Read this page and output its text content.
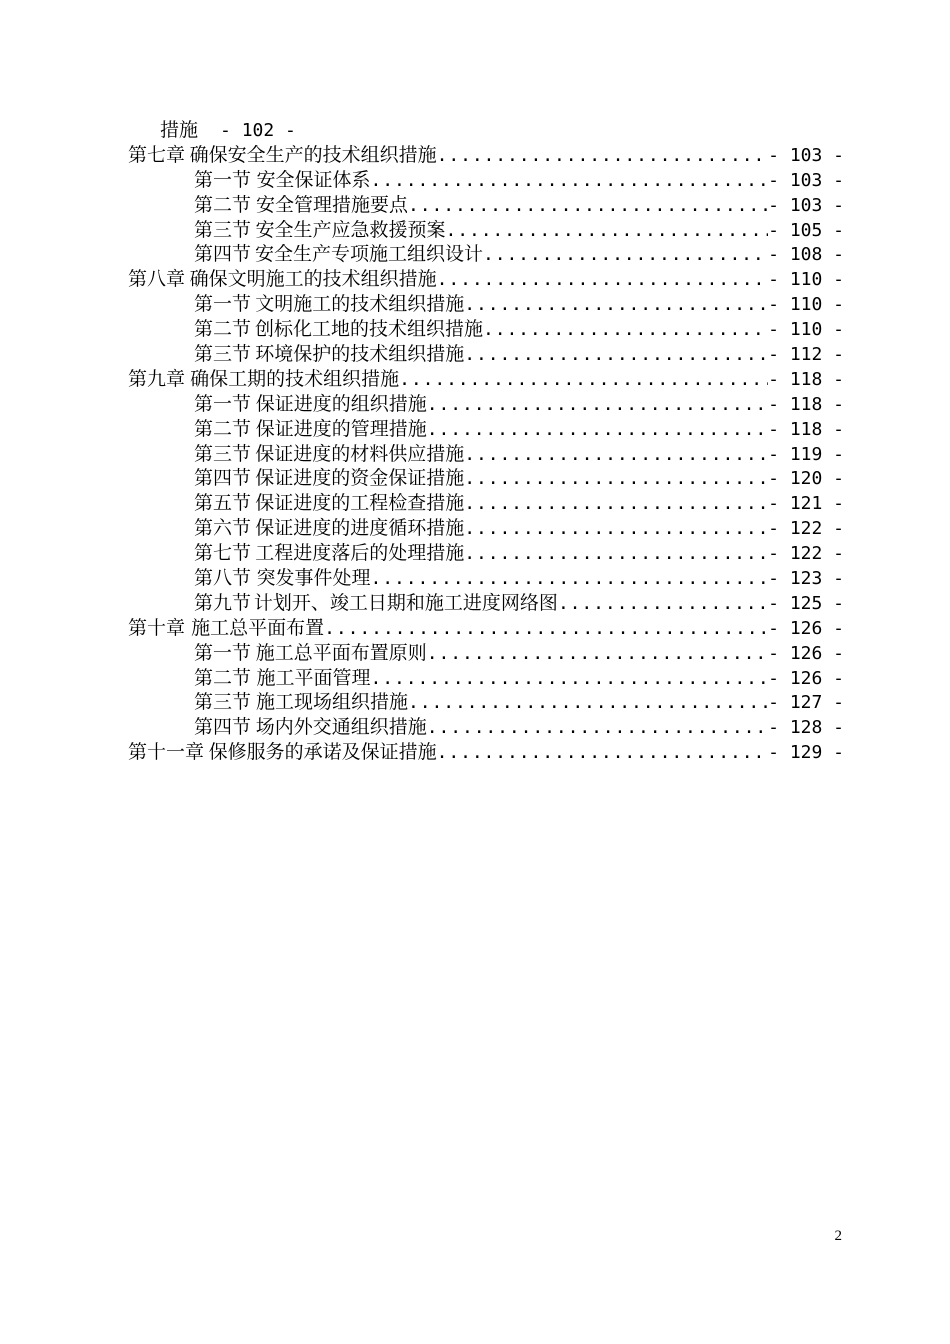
措施 - 102 -
第七章 确保安全生产的技术组织措施 .....	- 103 -
第一节 安全保证体系 .....	- 103 -
第二节 安全管理措施要点 .....	- 103 -
第三节 安全生产应急救援预案 .....	- 105 -
第四节 安全生产专项施工组织设计 .....	- 108 -
第八章 确保文明施工的技术组织措施 .....	- 110 -
第一节 文明施工的技术组织措施 .....	- 110 -
第二节 创标化工地的技术组织措施 .....	- 110 -
第三节 环境保护的技术组织措施 .....	- 112 -
第九章 确保工期的技术组织措施 .....	- 118 -
第一节 保证进度的组织措施 .....	- 118 -
第二节 保证进度的管理措施 .....	- 118 -
第三节 保证进度的材料供应措施 .....	- 119 -
第四节 保证进度的资金保证措施 .....	- 120 -
第五节 保证进度的工程检查措施 .....	- 121 -
第六节 保证进度的进度循环措施 .....	- 122 -
第七节 工程进度落后的处理措施 .....	- 122 -
第八节 突发事件处理 .....	- 123 -
第九节 计划开、竣工日期和施工进度网络图 .....	- 125 -
第十章 施工总平面布置 .....	- 126 -
第一节 施工总平面布置原则 .....	- 126 -
第二节 施工平面管理 .....	- 126 -
第三节 施工现场组织措施 .....	- 127 -
第四节 场内外交通组织措施 .....	- 128 -
第十一章 保修服务的承诺及保证措施 .....	- 129 -
2
